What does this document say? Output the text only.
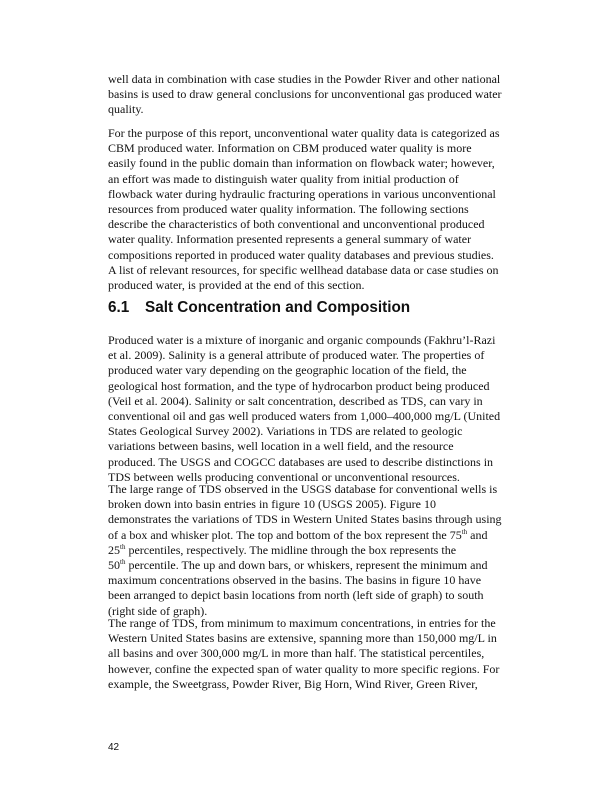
well data in combination with case studies in the Powder River and other national
basins is used to draw general conclusions for unconventional gas produced water
quality.

For the purpose of this report, unconventional water quality data is categorized as
CBM produced water. Information on CBM produced water quality is more
easily found in the public domain than information on flowback water; however,
an effort was made to distinguish water quality from initial production of
flowback water during hydraulic fracturing operations in various unconventional
resources from produced water quality information. The following sections
describe the characteristics of both conventional and unconventional produced
water quality. Information presented represents a general summary of water
compositions reported in produced water quality databases and previous studies.
A list of relevant resources, for specific wellhead database data or case studies on
produced water, is provided at the end of this section.

6.1 Salt Concentration and Composition

Produced water is a mixture of inorganic and organic compounds (Fakhru’l-Razi
et al. 2009). Salinity is a general attribute of produced water. The properties of
produced water vary depending on the geographic location of the field, the
geological host formation, and the type of hydrocarbon product being produced
(Veil et al. 2004). Salinity or salt concentration, described as TDS, can vary in
conventional oil and gas well produced waters from 1,000–400,000 mg/L (United
States Geological Survey 2002). Variations in TDS are related to geologic
variations between basins, well location in a well field, and the resource
produced. The USGS and COGCC databases are used to describe distinctions in
TDS between wells producing conventional or unconventional resources.

The large range of TDS observed in the USGS database for conventional wells is
broken down into basin entries in figure 10 (USGS 2005). Figure 10
demonstrates the variations of TDS in Western United States basins through using
of a box and whisker plot. The top and bottom of the box represent the 75th and
25th percentiles, respectively. The midline through the box represents the
50th percentile. The up and down bars, or whiskers, represent the minimum and
maximum concentrations observed in the basins. The basins in figure 10 have
been arranged to depict basin locations from north (left side of graph) to south
(right side of graph).

The range of TDS, from minimum to maximum concentrations, in entries for the
Western United States basins are extensive, spanning more than 150,000 mg/L in
all basins and over 300,000 mg/L in more than half. The statistical percentiles,
however, confine the expected span of water quality to more specific regions. For
example, the Sweetgrass, Powder River, Big Horn, Wind River, Green River,

42
